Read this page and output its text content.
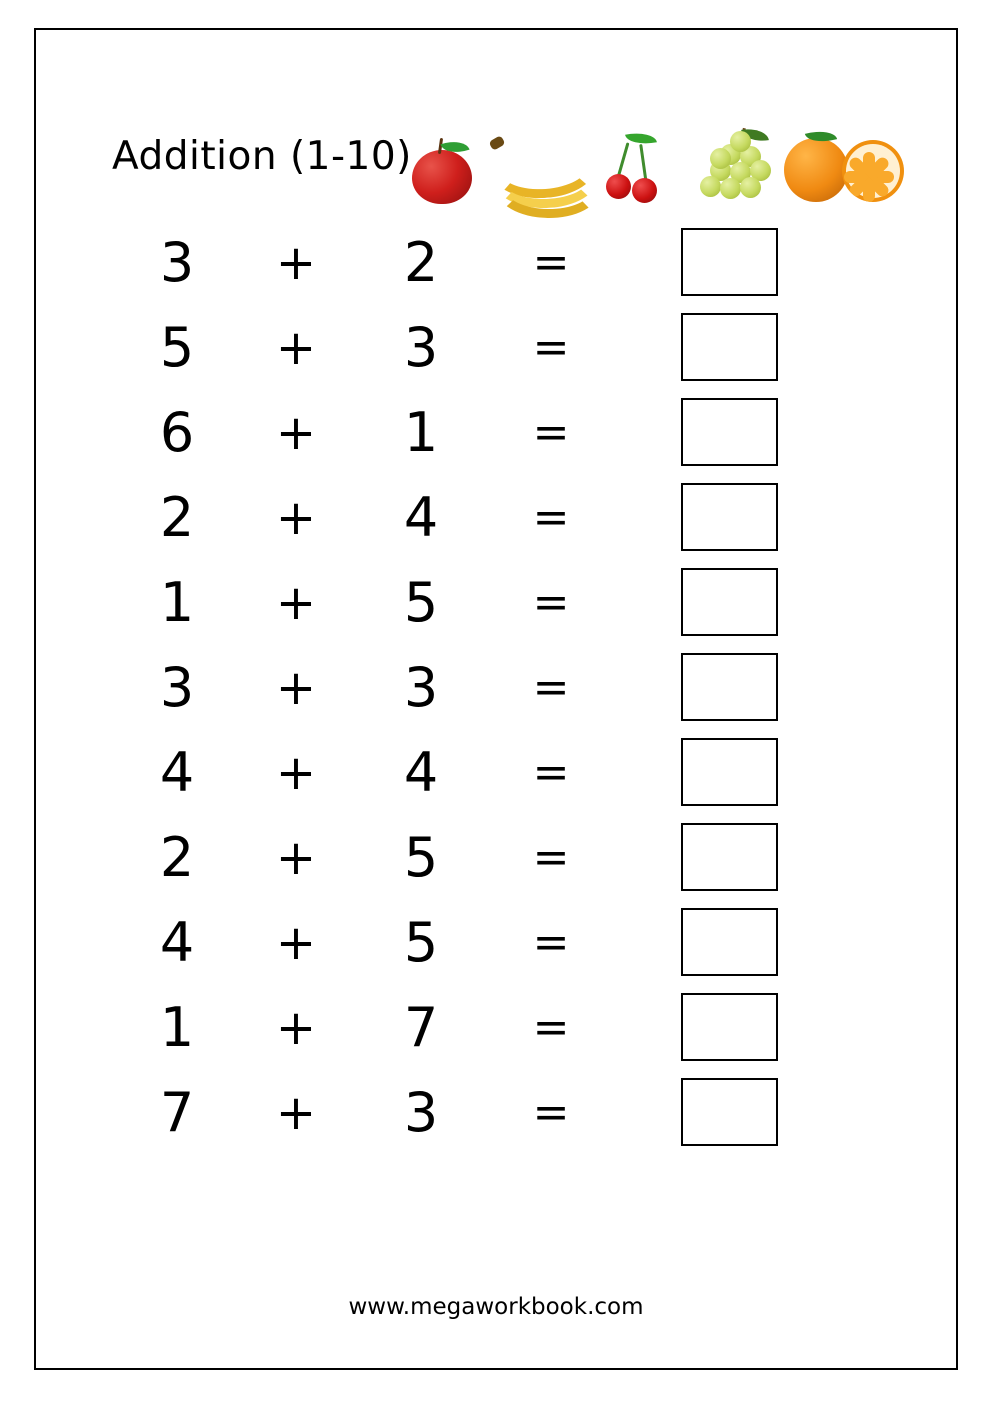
Addition (1-10)
3	+	2	=
5	+	3	=
6	+	1	=
2	+	4	=
1	+	5	=
3	+	3	=
4	+	4	=
2	+	5	=
4	+	5	=
1	+	7	=
7	+	3	=
www.megaworkbook.com
